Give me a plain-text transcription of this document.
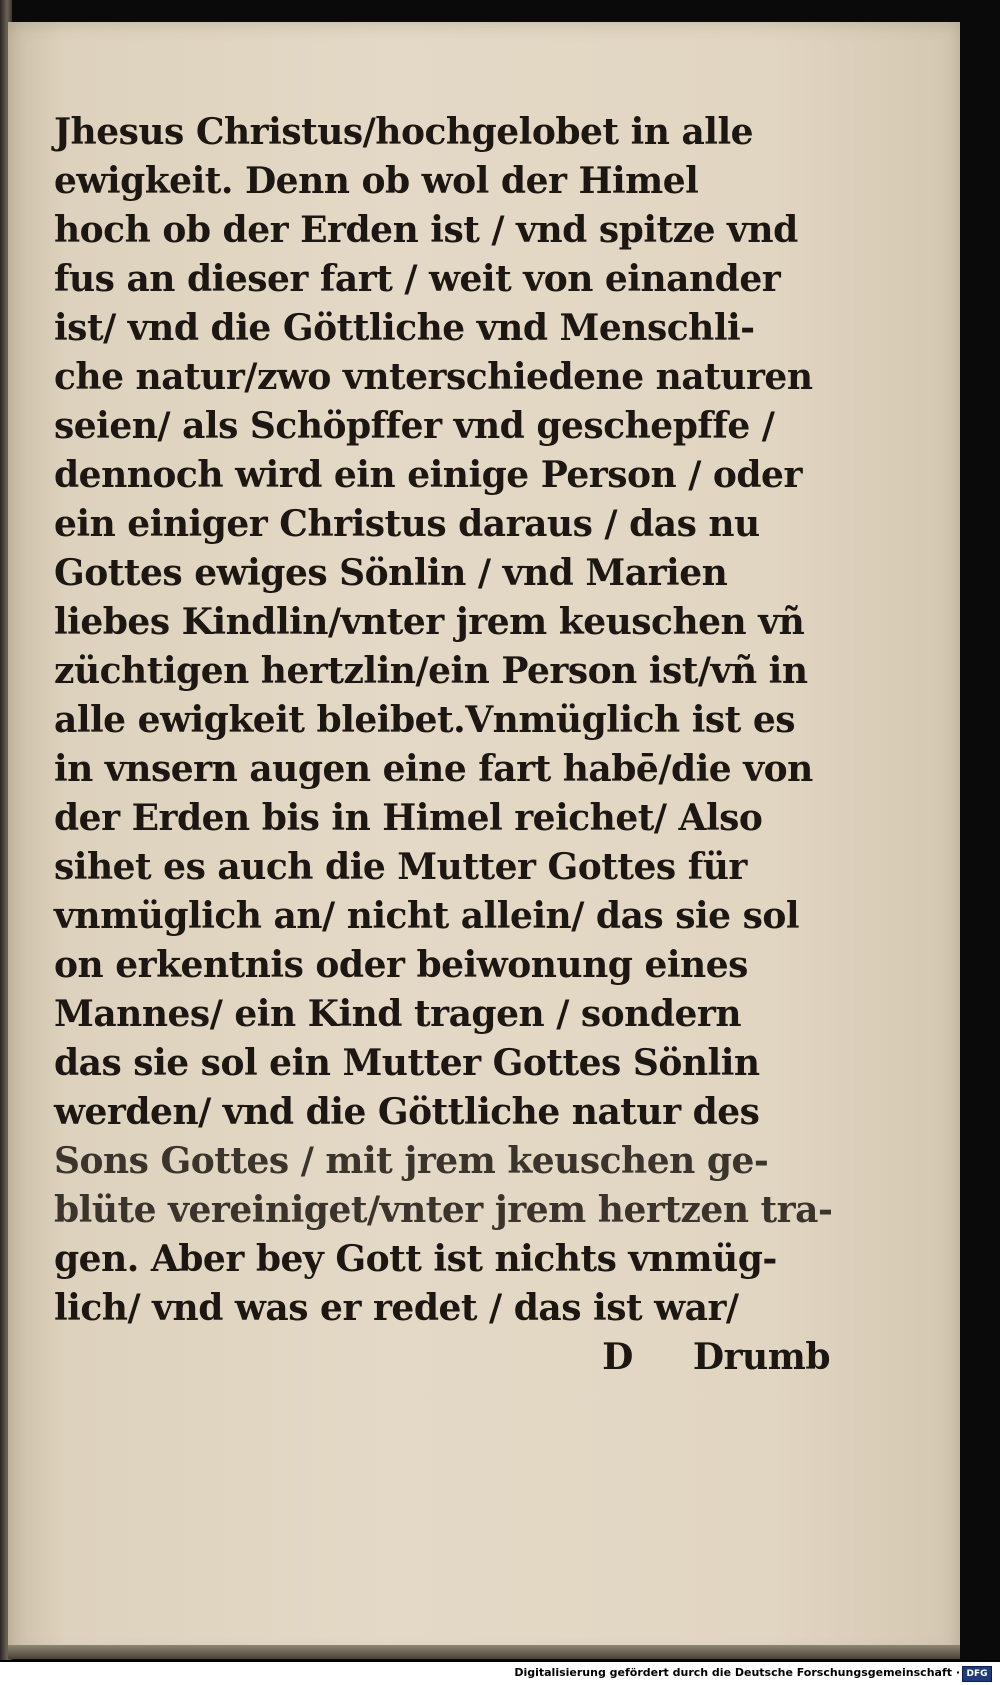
Jhesus Christus/hochgelobet in alle
ewigkeit. Denn ob wol der Himel
hoch ob der Erden ist / vnd spitze vnd
fus an dieser fart / weit von einander
ist/ vnd die Göttliche vnd Menschli-
che natur/zwo vnterschiedene naturen
seien/ als Schöpffer vnd geschepffe /
dennoch wird ein einige Person / oder
ein einiger Christus daraus / das nu
Gottes ewiges Sönlin / vnd Marien
liebes Kindlin/vnter jrem keuschen vñ
züchtigen hertzlin/ein Person ist/vñ in
alle ewigkeit bleibet.Vnmüglich ist es
in vnsern augen eine fart habē/die von
der Erden bis in Himel reichet/ Also
sihet es auch die Mutter Gottes für
vnmüglich an/ nicht allein/ das sie sol
on erkentnis oder beiwonung eines
Mannes/ ein Kind tragen / sondern
das sie sol ein Mutter Gottes Sönlin
werden/ vnd die Göttliche natur des
Sons Gottes / mit jrem keuschen ge-
blüte vereiniget/vnter jrem hertzen tra-
gen. Aber bey Gott ist nichts vnmüg-
lich/ vnd was er redet / das ist war/
D Drumb
Digitalisierung gefördert durch die Deutsche Forschungsgemeinschaft · DFG
